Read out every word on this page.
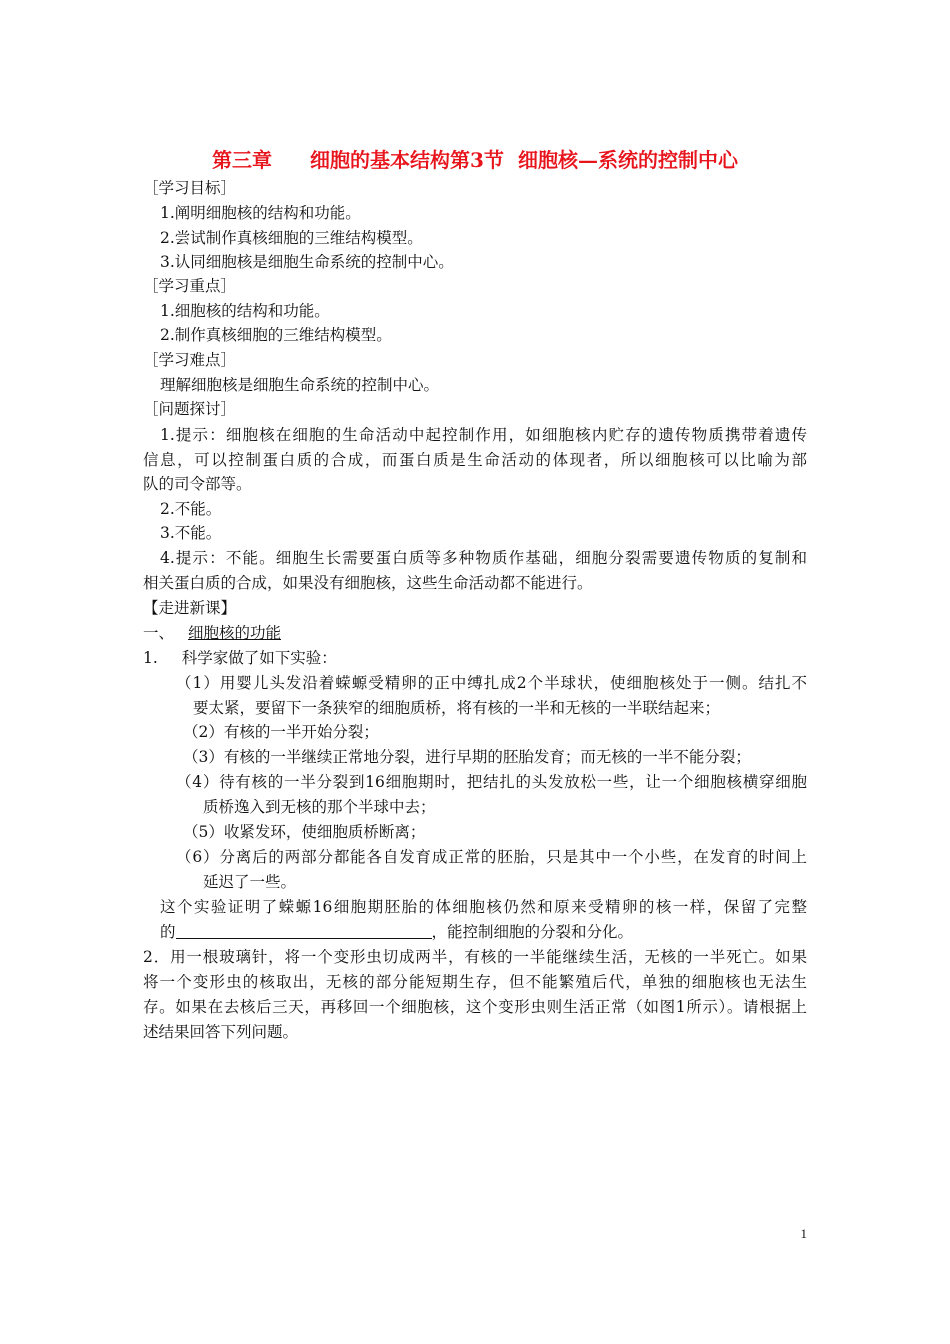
第三章 细胞的基本结构第3节 细胞核—系统的控制中心
［学习目标］
1.阐明细胞核的结构和功能。
2.尝试制作真核细胞的三维结构模型。
3.认同细胞核是细胞生命系统的控制中心。
［学习重点］
1.细胞核的结构和功能。
2.制作真核细胞的三维结构模型。
［学习难点］
理解细胞核是细胞生命系统的控制中心。
［问题探讨］
1.提示：细胞核在细胞的生命活动中起控制作用，如细胞核内贮存的遗传物质携带着遗传
信息，可以控制蛋白质的合成，而蛋白质是生命活动的体现者，所以细胞核可以比喻为部
队的司令部等。
2.不能。
3.不能。
4.提示：不能。细胞生长需要蛋白质等多种物质作基础，细胞分裂需要遗传物质的复制和
相关蛋白质的合成，如果没有细胞核，这些生命活动都不能进行。
【走进新课】
一、 细胞核的功能
1. 科学家做了如下实验：
（1）用婴儿头发沿着蝾螈受精卵的正中缚扎成2个半球状，使细胞核处于一侧。结扎不
要太紧，要留下一条狭窄的细胞质桥，将有核的一半和无核的一半联结起来；
（2）有核的一半开始分裂；
（3）有核的一半继续正常地分裂，进行早期的胚胎发育；而无核的一半不能分裂；
（4）待有核的一半分裂到16细胞期时，把结扎的头发放松一些，让一个细胞核横穿细胞
质桥逸入到无核的那个半球中去；
（5）收紧发环，使细胞质桥断离；
（6）分离后的两部分都能各自发育成正常的胚胎，只是其中一个小些，在发育的时间上
延迟了一些。
这个实验证明了蝾螈16细胞期胚胎的体细胞核仍然和原来受精卵的核一样，保留了完整
的	，能控制细胞的分裂和分化。
2．用一根玻璃针，将一个变形虫切成两半，有核的一半能继续生活，无核的一半死亡。如果
将一个变形虫的核取出，无核的部分能短期生存，但不能繁殖后代，单独的细胞核也无法生
存。如果在去核后三天，再移回一个细胞核，这个变形虫则生活正常（如图1所示）。请根据上
述结果回答下列问题。
1
